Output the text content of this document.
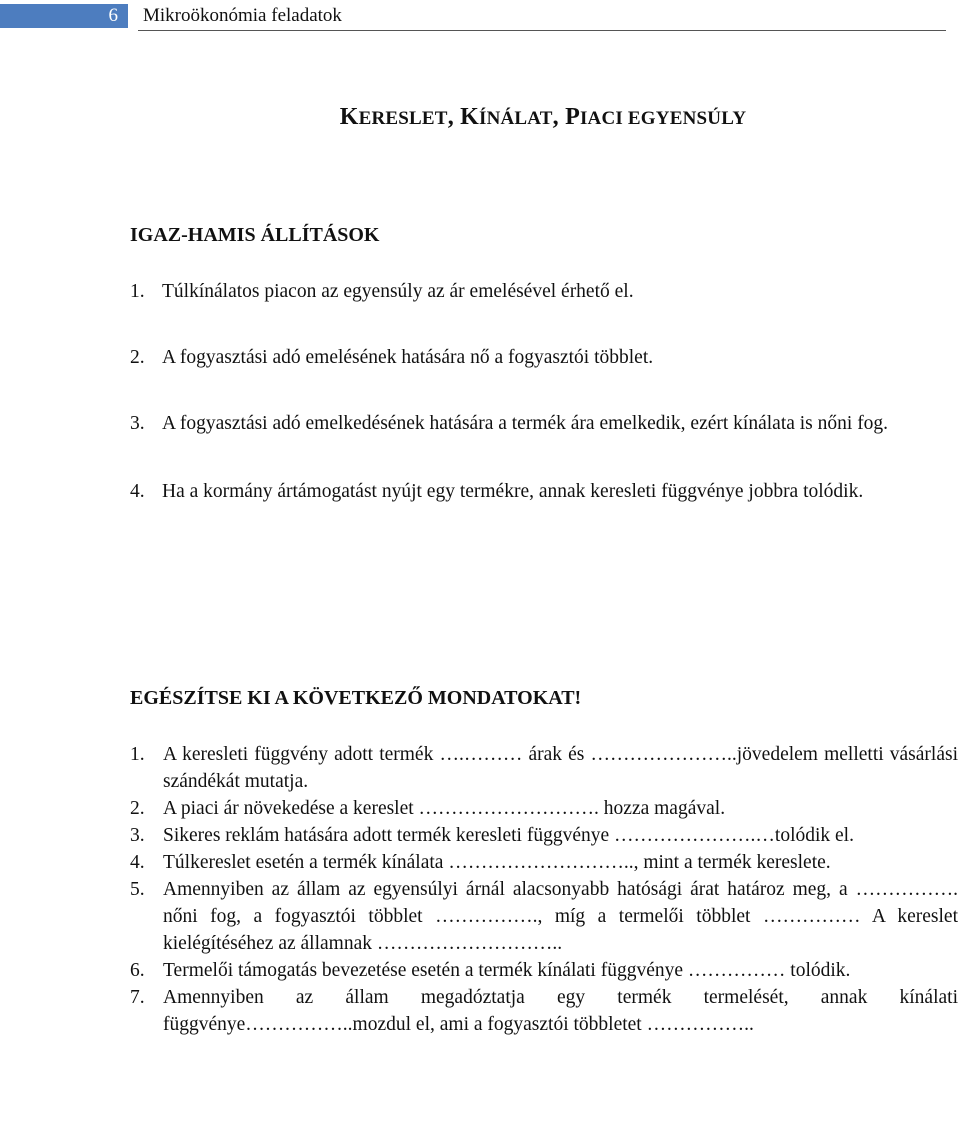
6	Mikroökonómia feladatok
KERESLET, KÍNÁLAT, PIACI EGYENSÚLY
IGAZ-HAMIS ÁLLÍTÁSOK
1. Túlkínálatos piacon az egyensúly az ár emelésével érhető el.
2. A fogyasztási adó emelésének hatására nő a fogyasztói többlet.
3. A fogyasztási adó emelkedésének hatására a termék ára emelkedik, ezért kínálata is nőni fog.
4. Ha a kormány ártámogatást nyújt egy termékre, annak keresleti függvénye jobbra tolódik.
EGÉSZÍTSE KI A KÖVETKEZŐ MONDATOKAT!
1. A keresleti függvény adott termék ….……… árak és …………………..jövedelem melletti vásárlási szándékát mutatja.
2. A piaci ár növekedése a kereslet ………………………. hozza magával.
3. Sikeres reklám hatására adott termék keresleti függvénye ………………….…tolódik el.
4. Túlkereslet esetén a termék kínálata ……………………….., mint a termék kereslete.
5. Amennyiben az állam az egyensúlyi árnál alacsonyabb hatósági árat határoz meg, a ……………. nőni fog, a fogyasztói többlet ……………., míg a termelői többlet …………… A kereslet kielégítéséhez az államnak ………………………..
6. Termelői támogatás bevezetése esetén a termék kínálati függvénye …………… tolódik.
7. Amennyiben az állam megadóztatja egy termék termelését, annak kínálati függvénye……………..mozdul el, ami a fogyasztói többletet ……………..
